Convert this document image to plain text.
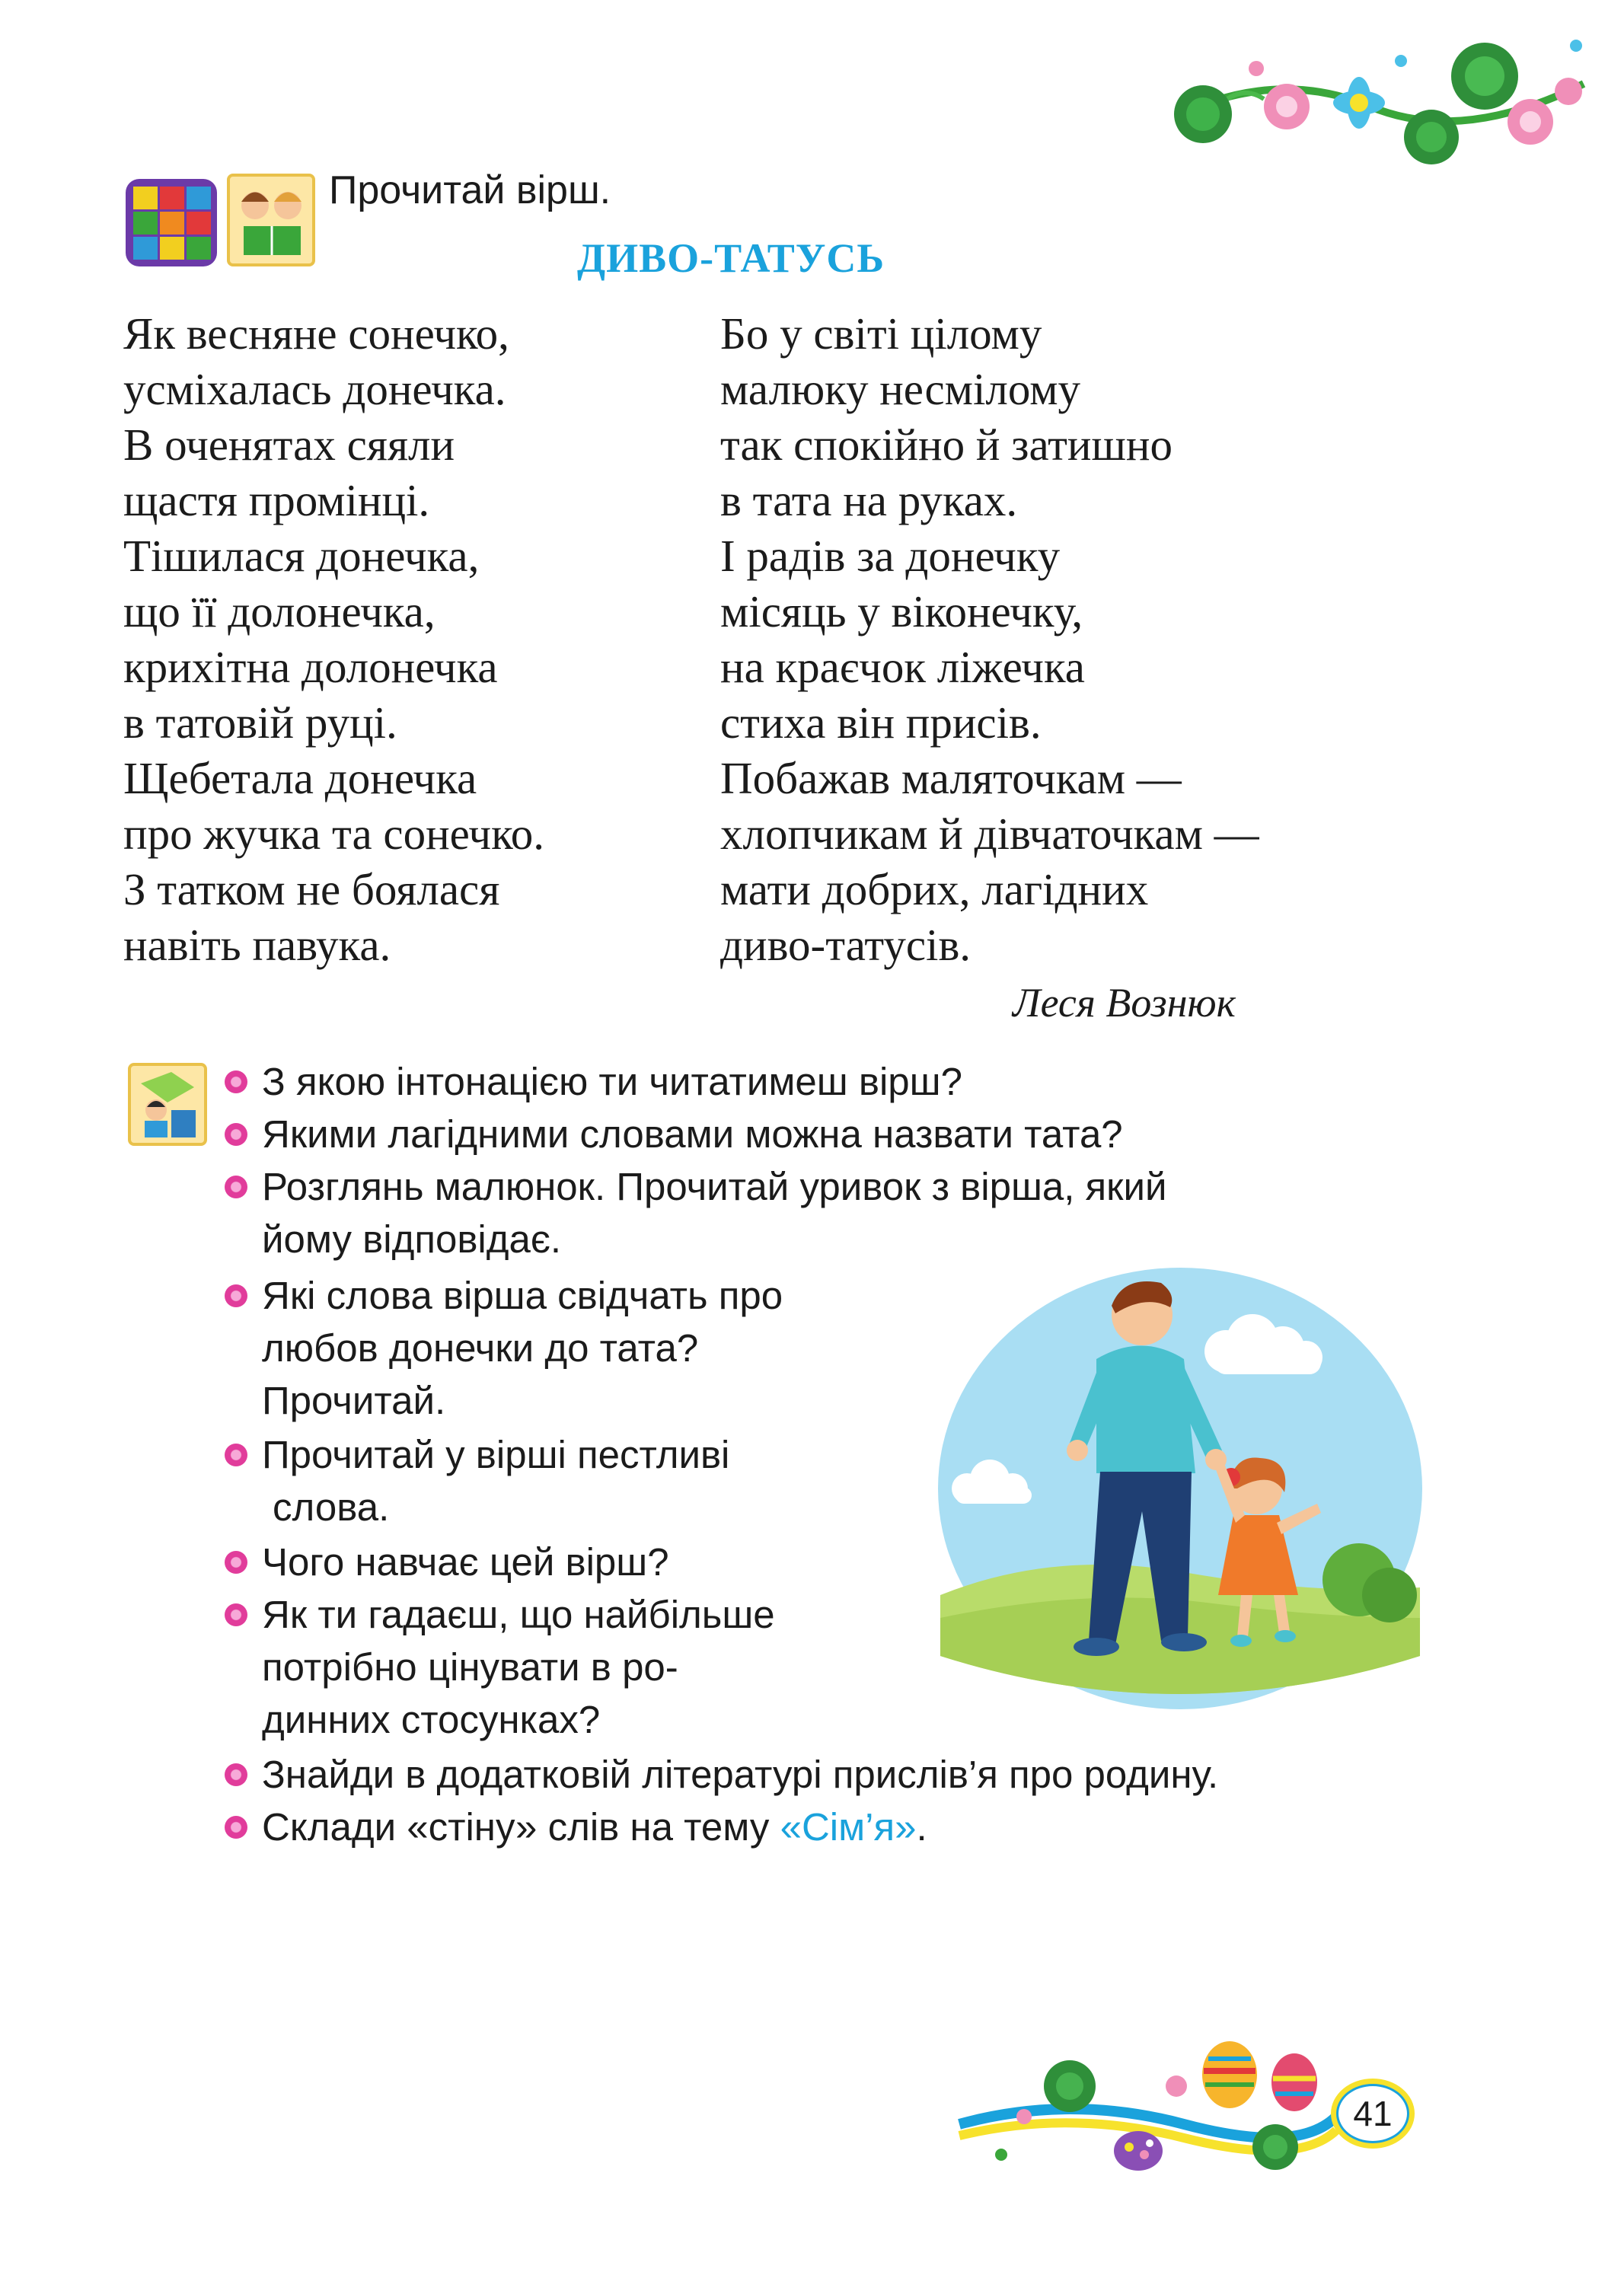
Прочитай вірш.
ДИВО-ТАТУСЬ
Як весняне сонечко,
усміхалась донечка.
В оченятах сяяли
щастя промінці.
Тішилася донечка,
що її долонечка,
крихітна долонечка
в татовій руці.
Щебетала донечка
про жучка та сонечко.
З татком не боялася
навіть павука.
Бо у світі цілому
малюку несмілому
так спокійно й затишно
в тата на руках.
І радів за донечку
місяць у віконечку,
на краєчок ліжечка
стиха він присів.
Побажав маляточкам —
хлопчикам й дівчаточкам —
мати добрих, лагідних
диво-татусів.
Леся Вознюк
З якою інтонацією ти читатимеш вірш?
Якими лагідними словами можна назвати тата?
Розглянь малюнок. Прочитай уривок з вірша, який
йому відповідає.
Які слова вірша свідчать про
любов донечки до тата?
Прочитай.
Прочитай у вірші пестливі
слова.
Чого навчає цей вірш?
Як ти гадаєш, що найбільше
потрібно цінувати в ро-
динних стосунках?
Знайди в додатковій літературі прислів’я про родину.
Склади «стіну» слів на тему «Сім’я».
41
